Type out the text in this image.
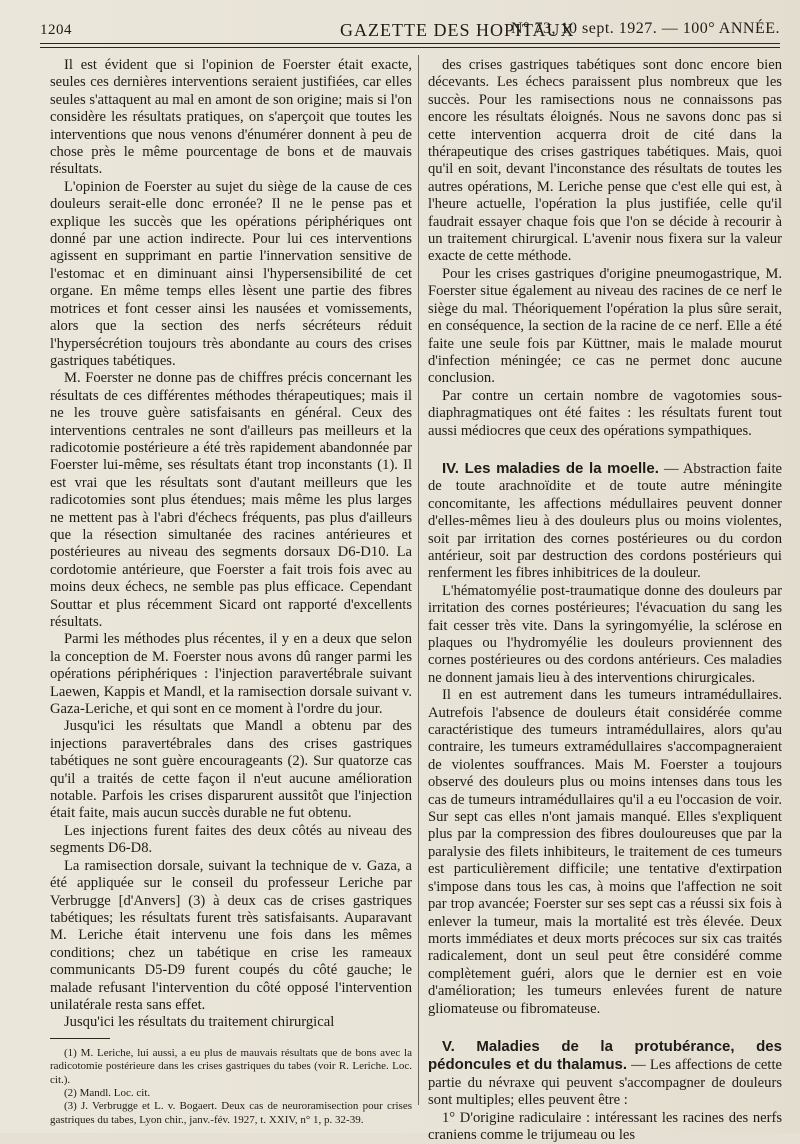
1204	GAZETTE DES HOPITAUX
N° 73, 10 sept. 1927. — 100° ANNÉE.

Il est évident que si l'opinion de Foerster était exacte, seules ces dernières interventions seraient justifiées, car elles seules s'attaquent au mal en amont de son origine; mais si l'on considère les résultats pratiques, on s'aperçoit que toutes les interventions que nous venons d'énumérer donnent à peu de chose près le même pourcentage de bons et de mauvais résultats.

L'opinion de Foerster au sujet du siège de la cause de ces douleurs serait-elle donc erronée? Il ne le pense pas et explique les succès que les opérations périphériques ont donné par une action indirecte. Pour lui ces interventions agissent en supprimant en partie l'innervation sensitive de l'estomac et en diminuant ainsi l'hypersensibilité de cet organe. En même temps elles lèsent une partie des fibres motrices et font cesser ainsi les nausées et vomissements, alors que la section des nerfs sécréteurs réduit l'hypersécrétion toujours très abondante au cours des crises gastriques tabétiques.

M. Foerster ne donne pas de chiffres précis concernant les résultats de ces différentes méthodes thérapeutiques; mais il ne les trouve guère satisfaisants en général. Ceux des interventions centrales ne sont d'ailleurs pas meilleurs et la radicotomie postérieure a été très rapidement abandonnée par Foerster lui-même, ses résultats étant trop inconstants (1). Il est vrai que les résultats sont d'autant meilleurs que les radicotomies sont plus étendues; mais même les plus larges ne mettent pas à l'abri d'échecs fréquents, pas plus d'ailleurs que la résection simultanée des racines antérieures et postérieures au niveau des segments dorsaux D6-D10. La cordotomie antérieure, que Foerster a fait trois fois avec au moins deux échecs, ne semble pas plus efficace. Cependant Souttar et plus récemment Sicard ont rapporté d'excellents résultats.

Parmi les méthodes plus récentes, il y en a deux que selon la conception de M. Foerster nous avons dû ranger parmi les opérations périphériques : l'injection paravertébrale suivant Laewen, Kappis et Mandl, et la ramisection dorsale suivant v. Gaza-Leriche, et qui sont en ce moment à l'ordre du jour.

Jusqu'ici les résultats que Mandl a obtenu par des injections paravertébrales dans des crises gastriques tabétiques ne sont guère encourageants (2). Sur quatorze cas qu'il a traités de cette façon il n'eut aucune amélioration notable. Parfois les crises disparurent aussitôt que l'injection était faite, mais aucun succès durable ne fut obtenu.

Les injections furent faites des deux côtés au niveau des segments D6-D8.

La ramisection dorsale, suivant la technique de v. Gaza, a été appliquée sur le conseil du professeur Leriche par Verbrugge [d'Anvers] (3) à deux cas de crises gastriques tabétiques; les résultats furent très satisfaisants. Auparavant M. Leriche était intervenu une fois dans les mêmes conditions; chez un tabétique en crise les rameaux communicants D5-D9 furent coupés du côté gauche; le malade refusant l'intervention du côté opposé l'intervention unilatérale resta sans effet.

Jusqu'ici les résultats du traitement chirurgical

(1) M. Leriche, lui aussi, a eu plus de mauvais résultats que de bons avec la radicotomie postérieure dans les crises gastriques du tabes (voir R. Leriche. Loc. cit.).

(2) Mandl. Loc. cit.

(3) J. Verbrugge et L. v. Bogaert. Deux cas de neuroramisection pour crises gastriques du tabes, Lyon chir., janv.-fév. 1927, t. XXIV, n° 1, p. 32-39.

des crises gastriques tabétiques sont donc encore bien décevants. Les échecs paraissent plus nombreux que les succès. Pour les ramisections nous ne connaissons pas encore les résultats éloignés. Nous ne savons donc pas si cette intervention acquerra droit de cité dans la thérapeutique des crises gastriques tabétiques. Mais, quoi qu'il en soit, devant l'inconstance des résultats de toutes les autres opérations, M. Leriche pense que c'est elle qui est, à l'heure actuelle, l'opération la plus justifiée, celle qu'il faudrait essayer chaque fois que l'on se décide à recourir à un traitement chirurgical. L'avenir nous fixera sur la valeur exacte de cette méthode.

Pour les crises gastriques d'origine pneumogastrique, M. Foerster situe également au niveau des racines de ce nerf le siège du mal. Théoriquement l'opération la plus sûre serait, en conséquence, la section de la racine de ce nerf. Elle a été faite une seule fois par Küttner, mais le malade mourut d'infection méningée; ce cas ne permet donc aucune conclusion.

Par contre un certain nombre de vagotomies sous-diaphragmatiques ont été faites : les résultats furent tout aussi médiocres que ceux des opérations sympathiques.

IV. Les maladies de la moelle. — Abstraction faite de toute arachnoïdite et de toute autre méningite concomitante, les affections médullaires peuvent donner d'elles-mêmes lieu à des douleurs plus ou moins violentes, soit par irritation des cornes postérieures ou du cordon antérieur, soit par destruction des cordons postérieurs qui renferment les fibres inhibitrices de la douleur.

L'hématomyélie post-traumatique donne des douleurs par irritation des cornes postérieures; l'évacuation du sang les fait cesser très vite. Dans la syringomyélie, la sclérose en plaques ou l'hydromyélie les douleurs proviennent des cornes postérieures ou des cordons antérieurs. Ces maladies ne donnent jamais lieu à des interventions chirurgicales.

Il en est autrement dans les tumeurs intramédullaires. Autrefois l'absence de douleurs était considérée comme caractéristique des tumeurs intramédullaires, alors qu'au contraire, les tumeurs extramédullaires s'accompagneraient de violentes souffrances. Mais M. Foerster a toujours observé des douleurs plus ou moins intenses dans tous les cas de tumeurs intramédullaires qu'il a eu l'occasion de voir. Sur sept cas elles n'ont jamais manqué. Elles s'expliquent plus par la compression des fibres douloureuses que par la paralysie des filets inhibiteurs, le traitement de ces tumeurs est particulièrement difficile; une tentative d'extirpation s'impose dans tous les cas, à moins que l'affection ne soit par trop avancée; Foerster sur ses sept cas a réussi six fois à enlever la tumeur, mais la mortalité est très élevée. Deux morts immédiates et deux morts précoces sur six cas traités radicalement, dont un seul peut être considéré comme complètement guéri, alors que le dernier est en voie d'amélioration; les tumeurs enlevées furent de nature gliomateuse ou fibromateuse.

V. Maladies de la protubérance, des pédoncules et du thalamus. — Les affections de cette partie du névraxe qui peuvent s'accompagner de douleurs sont multiples; elles peuvent être :

1° D'origine radiculaire : intéressant les racines des nerfs craniens comme le trijumeau ou les
